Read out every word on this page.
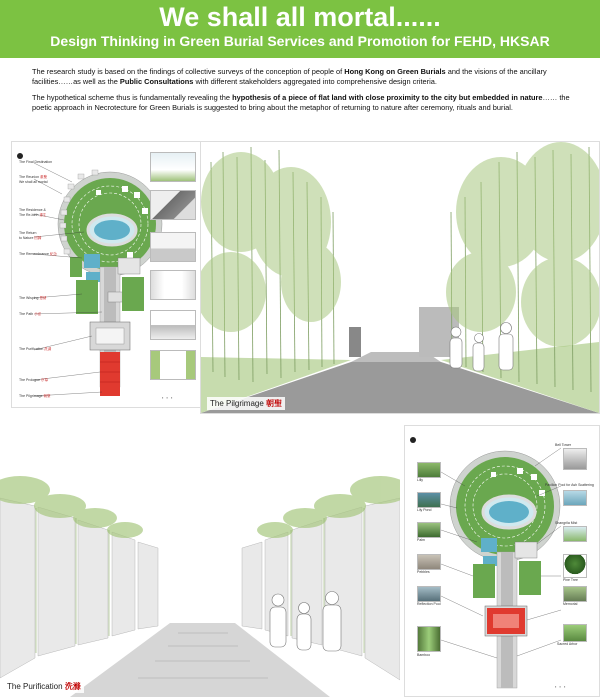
We shall all mortal......
Design Thinking in Green Burial Services and Promotion for FEHD, HKSAR

The research study is based on the findings of collective surveys of the conception of people of Hong Kong on Green Burials and the visions of the ancillary facilities……as well as the Public Consultations with different stakeholders aggregated into comprehensive design criteria.

The hypothetical scheme thus is fundamentally revealing the hypothesis of a piece of flat land with close proximity to the city but embedded in nature…… the poetic approach in Necrotecture for Green Burials is suggested to bring about the metaphor of returning to nature after ceremony, rituals and burial.

The Final Destination
The Reunion 重聚
We shall all mortal
The Residence &
The Re-birth 重生
The Return
to Nature 回歸
The Remembrance 紀念
The Wisping 思緒
The Path 小徑
The Purification 洗滌
The Prologue 序幕
The Pilgrimage 朝聖	▪ ▪ ▪
The Pilgrimage 朝聖
The Purification 洗滌
Lilly
Lily Pond
Palm
Pebbles
Reflection Pool
Bamboo
Bell Tower
Pavilion Pool for Ash Scattering
Shangrila Mist
Pine Tree
Memorial
Sacred Arbor
▪ ▪ ▪
